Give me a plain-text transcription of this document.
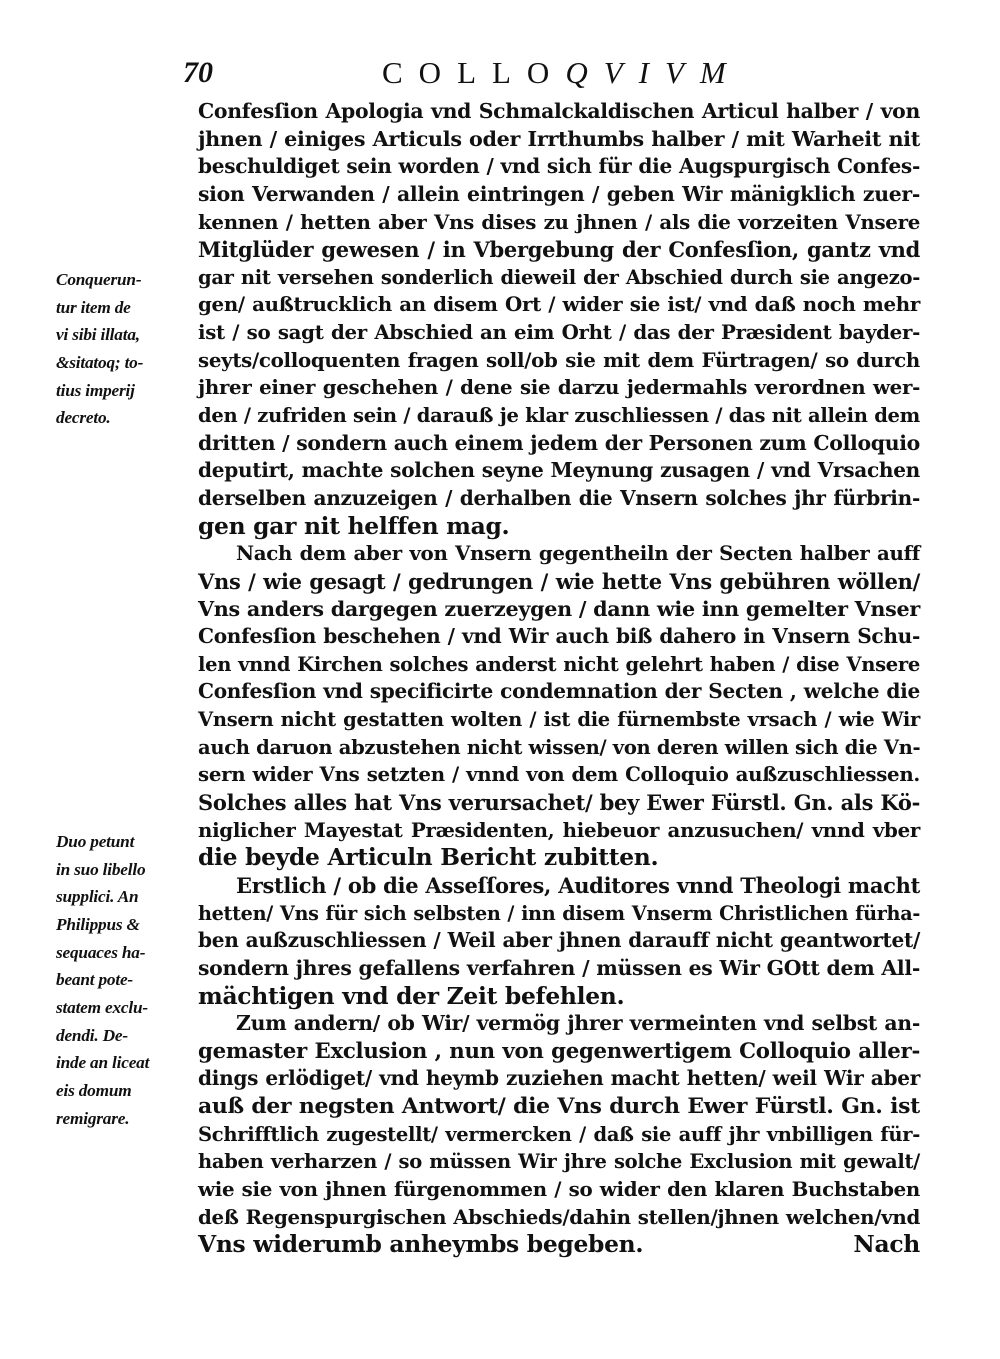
70	COLLOQVIVM
Conquerun-
tur item de
vi sibi illata,
&sitatoq; to-
tius imperij
decreto.
Duo petunt
in suo libello
supplici. An
Philippus &
sequaces ha-
beant pote-
statem exclu-
dendi. De-
inde an liceat
eis domum
remigrare.
Confesſion Apologia vnd Schmalckaldischen Articul halber / von
jhnen / einiges Articuls oder Irrthumbs halber / mit Warheit nit
beschuldiget sein worden / vnd sich für die Augspurgisch Confes-
sion Verwanden / allein eintringen / geben Wir mänigklich zuer-
kennen / hetten aber Vns dises zu jhnen / als die vorzeiten Vnsere
Mitglüder gewesen / in Vbergebung der Confesſion, gantz vnd
gar nit versehen sonderlich dieweil der Abschied durch sie angezo-
gen/ außtrucklich an disem Ort / wider sie ist/ vnd daß noch mehr
ist / so sagt der Abschied an eim Orht / das der Præsident bayder-
seyts/colloquenten fragen soll/ob sie mit dem Fürtragen/ so durch
jhrer einer geschehen / dene sie darzu jedermahls verordnen wer-
den / zufriden sein / darauß je klar zuschliessen / das nit allein dem
dritten / sondern auch einem jedem der Personen zum Colloquio
deputirt, machte solchen seyne Meynung zusagen / vnd Vrsachen
derselben anzuzeigen / derhalben die Vnsern solches jhr fürbrin-
gen gar nit helffen mag.
Nach dem aber von Vnsern gegentheiln der Secten halber auff
Vns / wie gesagt / gedrungen / wie hette Vns gebühren wöllen/
Vns anders dargegen zuerzeygen / dann wie inn gemelter Vnser
Confesſion beschehen / vnd Wir auch biß dahero in Vnsern Schu-
len vnnd Kirchen solches anderst nicht gelehrt haben / dise Vnsere
Confesſion vnd specificirte condemnation der Secten , welche die
Vnsern nicht gestatten wolten / ist die fürnembste vrsach / wie Wir
auch daruon abzustehen nicht wissen/ von deren willen sich die Vn-
sern wider Vns setzten / vnnd von dem Colloquio außzuschliessen.
Solches alles hat Vns verursachet/ bey Ewer Fürstl. Gn. als Kö-
niglicher Mayestat Præsidenten, hiebeuor anzusuchen/ vnnd vber
die beyde Articuln Bericht zubitten.
Erstlich / ob die Asseſſores, Auditores vnnd Theologi macht
hetten/ Vns für sich selbsten / inn disem Vnserm Christlichen fürha-
ben außzuschliessen / Weil aber jhnen darauff nicht geantwortet/
sondern jhres gefallens verfahren / müssen es Wir GOtt dem All-
mächtigen vnd der Zeit befehlen.
Zum andern/ ob Wir/ vermög jhrer vermeinten vnd selbst an-
gemaster Exclusion , nun von gegenwertigem Colloquio aller-
dings erlödiget/ vnd heymb zuziehen macht hetten/ weil Wir aber
auß der negsten Antwort/ die Vns durch Ewer Fürstl. Gn. ist
Schrifftlich zugestellt/ vermercken / daß sie auff jhr vnbilligen für-
haben verharzen / so müssen Wir jhre solche Exclusion mit gewalt/
wie sie von jhnen fürgenommen / so wider den klaren Buchstaben
deß Regenspurgischen Abschieds/dahin stellen/jhnen welchen/vnd
Vns widerumb anheymbs begeben.	Nach
